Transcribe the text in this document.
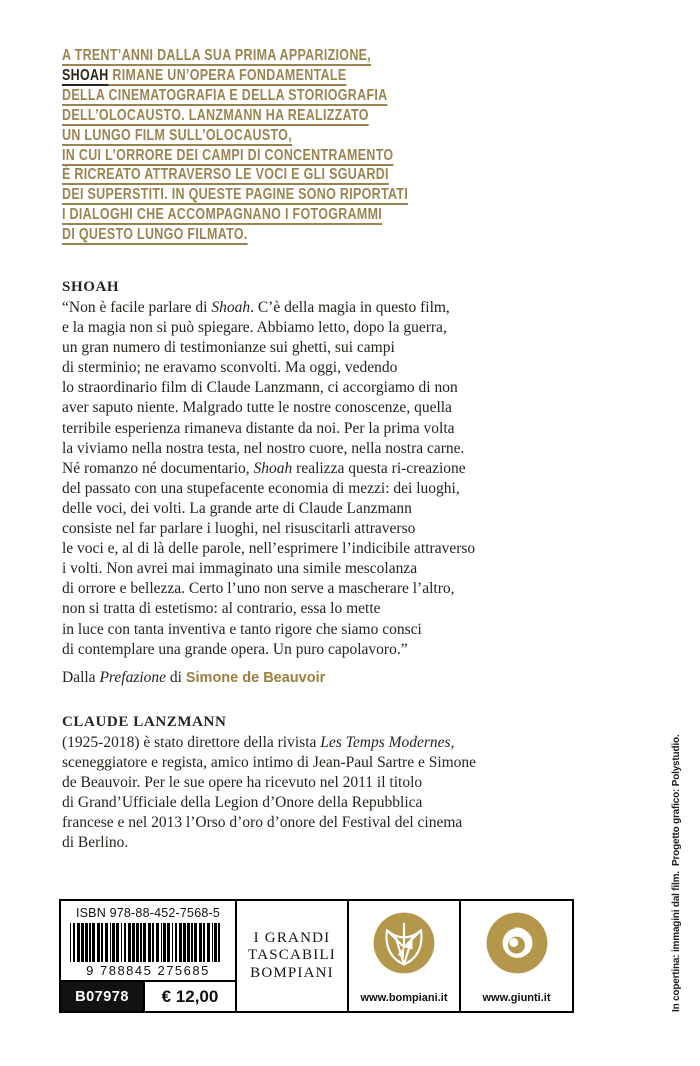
A TRENT’ANNI DALLA SUA PRIMA APPARIZIONE,
SHOAH RIMANE UN’OPERA FONDAMENTALE
DELLA CINEMATOGRAFIA E DELLA STORIOGRAFIA
DELL’OLOCAUSTO. LANZMANN HA REALIZZATO
UN LUNGO FILM SULL’OLOCAUSTO,
IN CUI L’ORRORE DEI CAMPI DI CONCENTRAMENTO
È RICREATO ATTRAVERSO LE VOCI E GLI SGUARDI
DEI SUPERSTITI. IN QUESTE PAGINE SONO RIPORTATI
I DIALOGHI CHE ACCOMPAGNANO I FOTOGRAMMI
DI QUESTO LUNGO FILMATO.
SHOAH
“Non è facile parlare di Shoah. C’è della magia in questo film,
e la magia non si può spiegare. Abbiamo letto, dopo la guerra,
un gran numero di testimonianze sui ghetti, sui campi
di sterminio; ne eravamo sconvolti. Ma oggi, vedendo
lo straordinario film di Claude Lanzmann, ci accorgiamo di non
aver saputo niente. Malgrado tutte le nostre conoscenze, quella
terribile esperienza rimaneva distante da noi. Per la prima volta
la viviamo nella nostra testa, nel nostro cuore, nella nostra carne.
Né romanzo né documentario, Shoah realizza questa ri-creazione
del passato con una stupefacente economia di mezzi: dei luoghi,
delle voci, dei volti. La grande arte di Claude Lanzmann
consiste nel far parlare i luoghi, nel risuscitarli attraverso
le voci e, al di là delle parole, nell’esprimere l’indicibile attraverso
i volti. Non avrei mai immaginato una simile mescolanza
di orrore e bellezza. Certo l’uno non serve a mascherare l’altro,
non si tratta di estetismo: al contrario, essa lo mette
in luce con tanta inventiva e tanto rigore che siamo consci
di contemplare una grande opera. Un puro capolavoro.”

Dalla Prefazione di Simone de Beauvoir

CLAUDE LANZMANN
(1925-2018) è stato direttore della rivista Les Temps Modernes,
sceneggiatore e regista, amico intimo di Jean-Paul Sartre e Simone
de Beauvoir. Per le sue opere ha ricevuto nel 2011 il titolo
di Grand’Ufficiale della Legion d’Onore della Repubblica
francese e nel 2013 l’Orso d’oro d’onore del Festival del cinema
di Berlino.
ISBN 978-88-452-7568-5
9 788845 275685
B07978	€ 12,00
I GRANDI
TASCABILI
BOMPIANI
www.bompiani.it	www.giunti.it	In copertina: immagini dal film.  Progetto grafico: Polystudio.
